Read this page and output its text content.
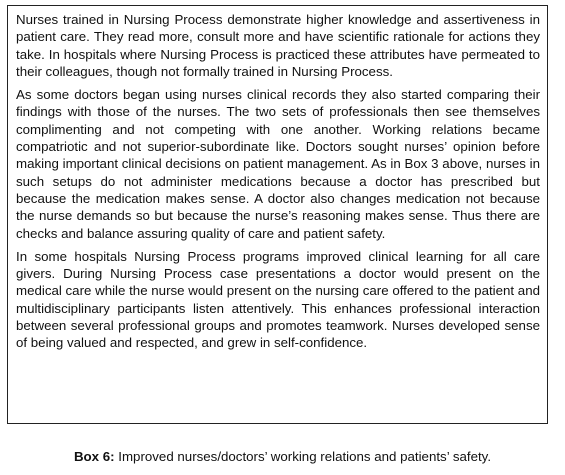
Nurses trained in Nursing Process demonstrate higher knowledge and assertiveness in patient care. They read more, consult more and have scientific rationale for actions they take. In hospitals where Nursing Process is practiced these attributes have permeated to their colleagues, though not formally trained in Nursing Process.

As some doctors began using nurses clinical records they also started comparing their findings with those of the nurses. The two sets of professionals then see themselves complimenting and not competing with one another. Working relations became compatriotic and not superior-subordinate like. Doctors sought nurses’ opinion before making important clinical decisions on patient management. As in Box 3 above, nurses in such setups do not administer medications because a doctor has prescribed but because the medication makes sense. A doctor also changes medication not because the nurse demands so but because the nurse’s reasoning makes sense. Thus there are checks and balance assuring quality of care and patient safety.

In some hospitals Nursing Process programs improved clinical learning for all care givers. During Nursing Process case presentations a doctor would present on the medical care while the nurse would present on the nursing care offered to the patient and multidisciplinary participants listen attentively. This enhances professional interaction between several professional groups and promotes teamwork. Nurses developed sense of being valued and respected, and grew in self-confidence.

Box 6: Improved nurses/doctors’ working relations and patients’ safety.
